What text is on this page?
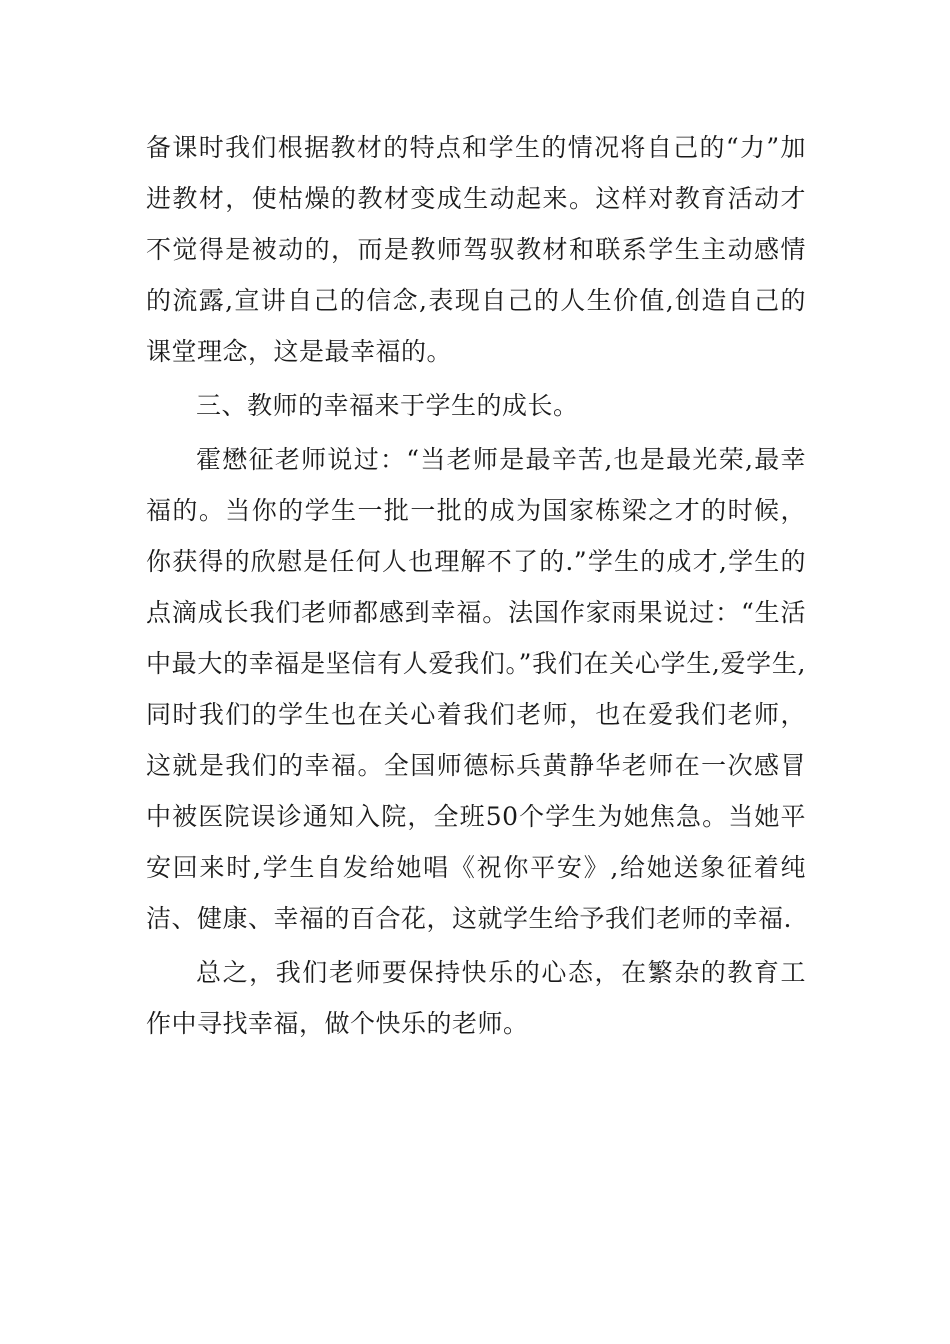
备课时我们根据教材的特点和学生的情况将自己的“力”加进教材，使枯燥的教材变成生动起来。这样对教育活动才不觉得是被动的，而是教师驾驭教材和联系学生主动感情的流露,宣讲自己的信念,表现自己的人生价值,创造自己的课堂理念，这是最幸福的。

三、教师的幸福来于学生的成长。

霍懋征老师说过：“当老师是最辛苦,也是最光荣,最幸福的。当你的学生一批一批的成为国家栋梁之才的时候，你获得的欣慰是任何人也理解不了的.”学生的成才,学生的点滴成长我们老师都感到幸福。法国作家雨果说过：“生活中最大的幸福是坚信有人爱我们。”我们在关心学生,爱学生,同时我们的学生也在关心着我们老师，也在爱我们老师，这就是我们的幸福。全国师德标兵黄静华老师在一次感冒中被医院误诊通知入院，全班50个学生为她焦急。当她平安回来时,学生自发给她唱《祝你平安》,给她送象征着纯洁、健康、幸福的百合花，这就学生给予我们老师的幸福.

总之，我们老师要保持快乐的心态，在繁杂的教育工作中寻找幸福，做个快乐的老师。
